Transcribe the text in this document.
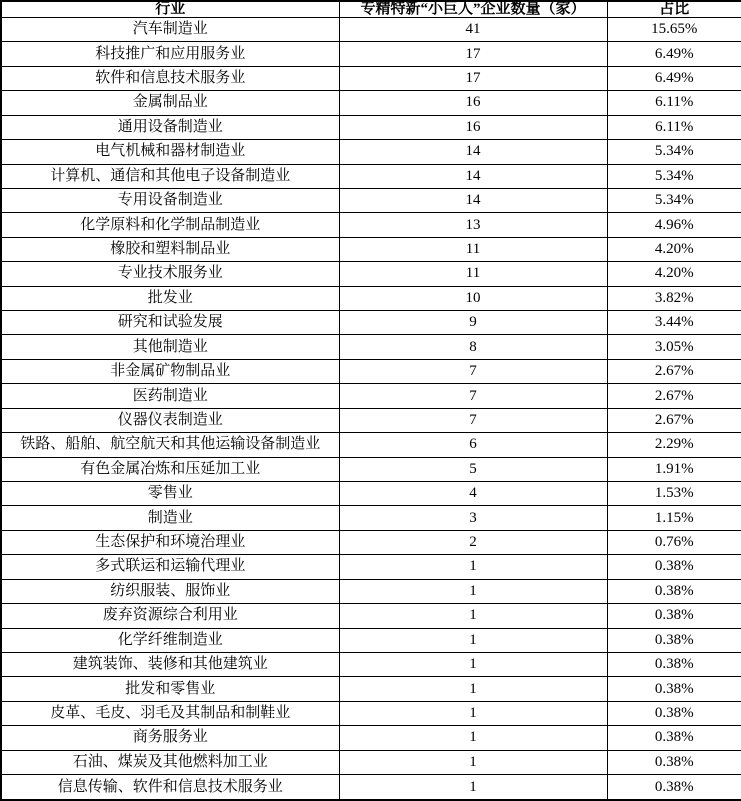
行业	专精特新“小巨人”企业数量（家）	占比
汽车制造业	41	15.65%
科技推广和应用服务业	17	6.49%
软件和信息技术服务业	17	6.49%
金属制品业	16	6.11%
通用设备制造业	16	6.11%
电气机械和器材制造业	14	5.34%
计算机、通信和其他电子设备制造业	14	5.34%
专用设备制造业	14	5.34%
化学原料和化学制品制造业	13	4.96%
橡胶和塑料制品业	11	4.20%
专业技术服务业	11	4.20%
批发业	10	3.82%
研究和试验发展	9	3.44%
其他制造业	8	3.05%
非金属矿物制品业	7	2.67%
医药制造业	7	2.67%
仪器仪表制造业	7	2.67%
铁路、船舶、航空航天和其他运输设备制造业	6	2.29%
有色金属冶炼和压延加工业	5	1.91%
零售业	4	1.53%
制造业	3	1.15%
生态保护和环境治理业	2	0.76%
多式联运和运输代理业	1	0.38%
纺织服装、服饰业	1	0.38%
废弃资源综合利用业	1	0.38%
化学纤维制造业	1	0.38%
建筑装饰、装修和其他建筑业	1	0.38%
批发和零售业	1	0.38%
皮革、毛皮、羽毛及其制品和制鞋业	1	0.38%
商务服务业	1	0.38%
石油、煤炭及其他燃料加工业	1	0.38%
信息传输、软件和信息技术服务业	1	0.38%
